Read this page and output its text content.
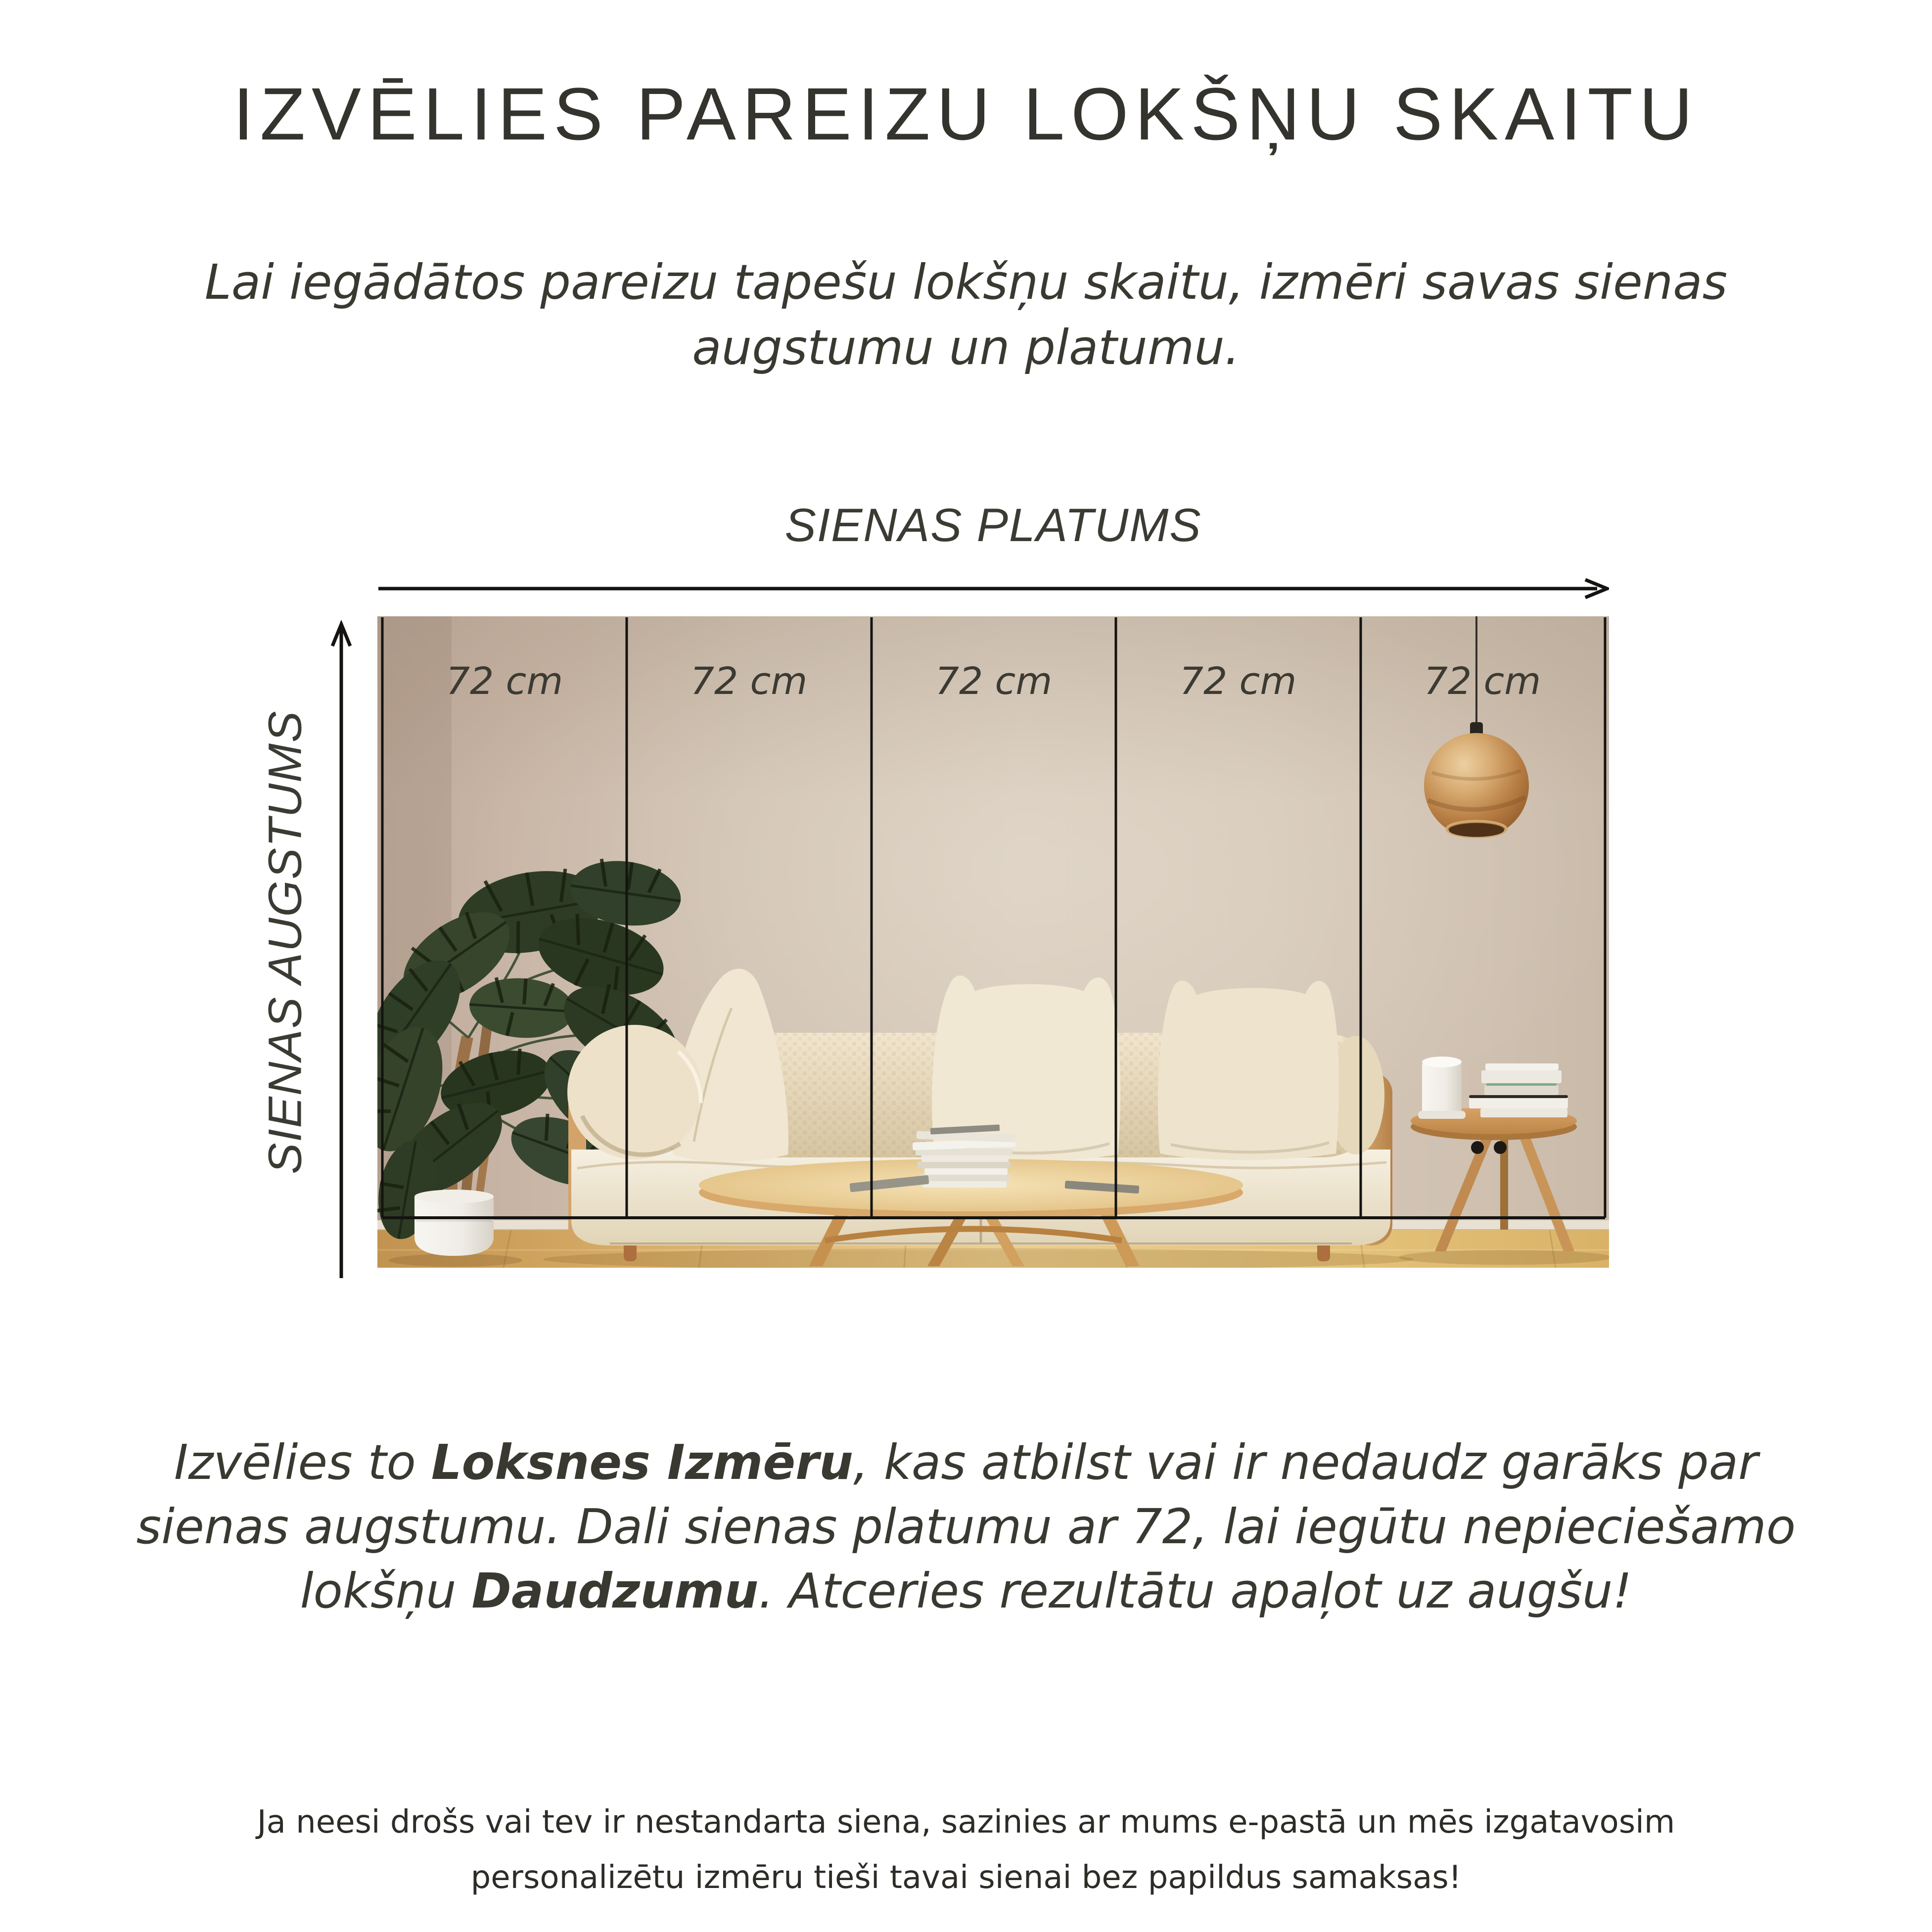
IZVĒLIES PAREIZU LOKŠŅU SKAITU
Lai iegādātos pareizu tapešu lokšņu skaitu, izmēri savas sienas
augstumu un platumu.
SIENAS PLATUMS
SIENAS AUGSTUMS
72 cm	72 cm	72 cm	72 cm	72 cm
Izvēlies to Loksnes Izmēru, kas atbilst vai ir nedaudz garāks par
sienas augstumu. Dali sienas platumu ar 72, lai iegūtu nepieciešamo
lokšņu Daudzumu. Atceries rezultātu apaļot uz augšu!
Ja neesi drošs vai tev ir nestandarta siena, sazinies ar mums e-pastā un mēs izgatavosim
personalizētu izmēru tieši tavai sienai bez papildus samaksas!
